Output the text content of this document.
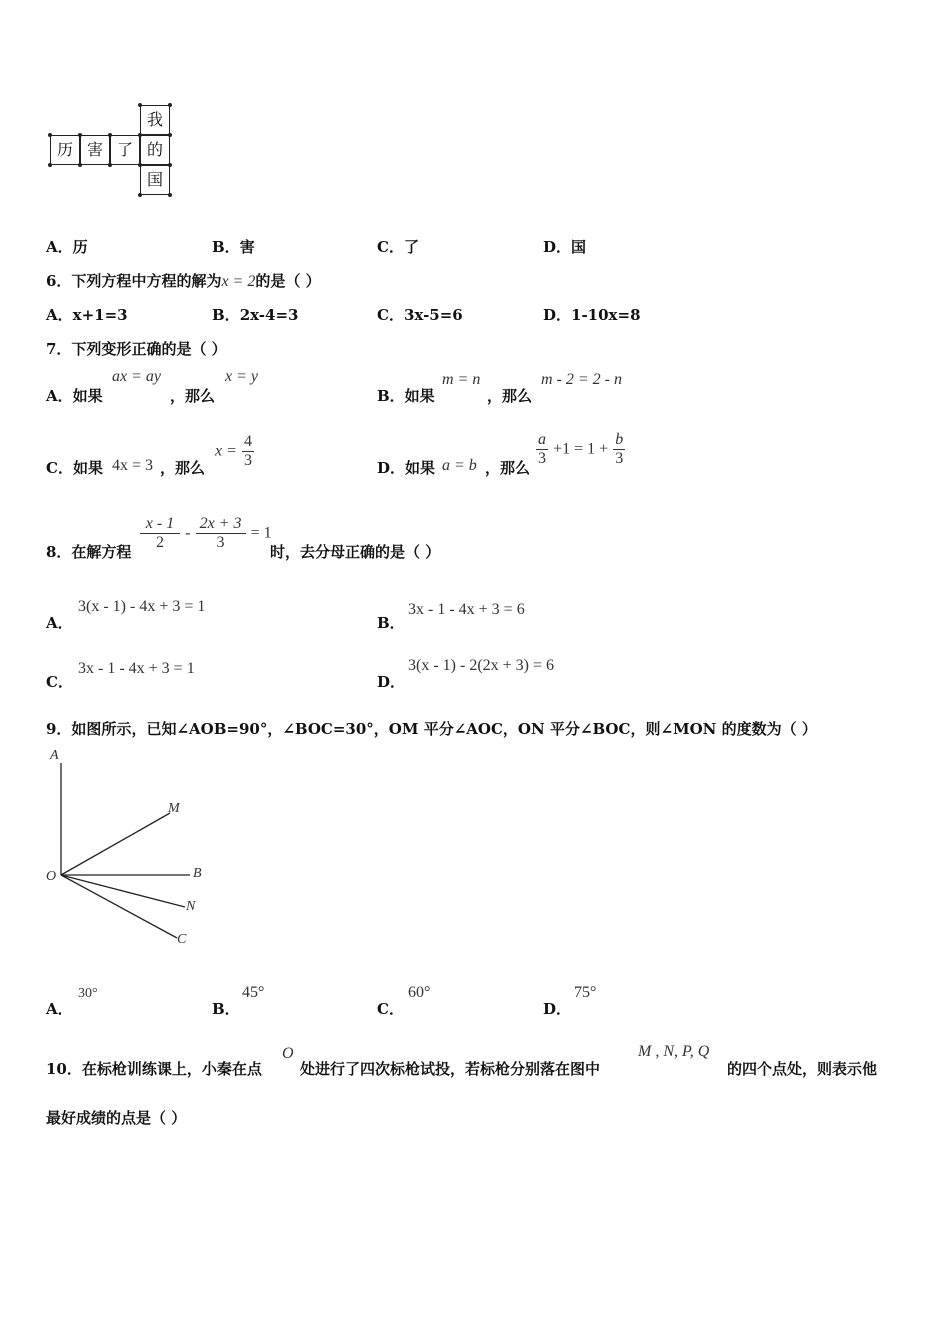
我
历 害 了 的
国
A．历	B．害	C．了	D．国
6．下列方程中方程的解为x = 2的是（ ）
A．x+1=3	B．2x-4=3	C．3x-5=6	D．1-10x=8
7．下列变形正确的是（ ）
A．如果
ax = ay
，那么
x = y
B．如果
m = n
，那么
m - 2 = 2 - n
C．如果 4x = 3 ，那么
$x = \frac{4}{3}$	D．如果 a = b ，那么 $\frac{a}{3} +1 = 1 + \frac{b}{3}$
8．在解方程 $\frac{x - 1}{2} - \frac{2x + 3}{3} = 1$
时，去分母正确的是（ ）
A．
3(x - 1) - 4x + 3 = 1
B．
3x - 1 - 4x + 3 = 6
C．
3x - 1 - 4x + 3 = 1
D．
3(x - 1) - 2(2x + 3) = 6
9．如图所示，已知∠AOB=90°，∠BOC=30°，OM 平分∠AOC，ON 平分∠BOC，则∠MON 的度数为（ ）
A
O
M
B
N
C
A．
30°
B．
45°
C．
60°
D．
75°
10．在标枪训练课上，小秦在点
O
处进行了四次标枪试投，若标枪分别落在图中
M , N, P, Q
的四个点处，则表示他
最好成绩的点是（ ）
